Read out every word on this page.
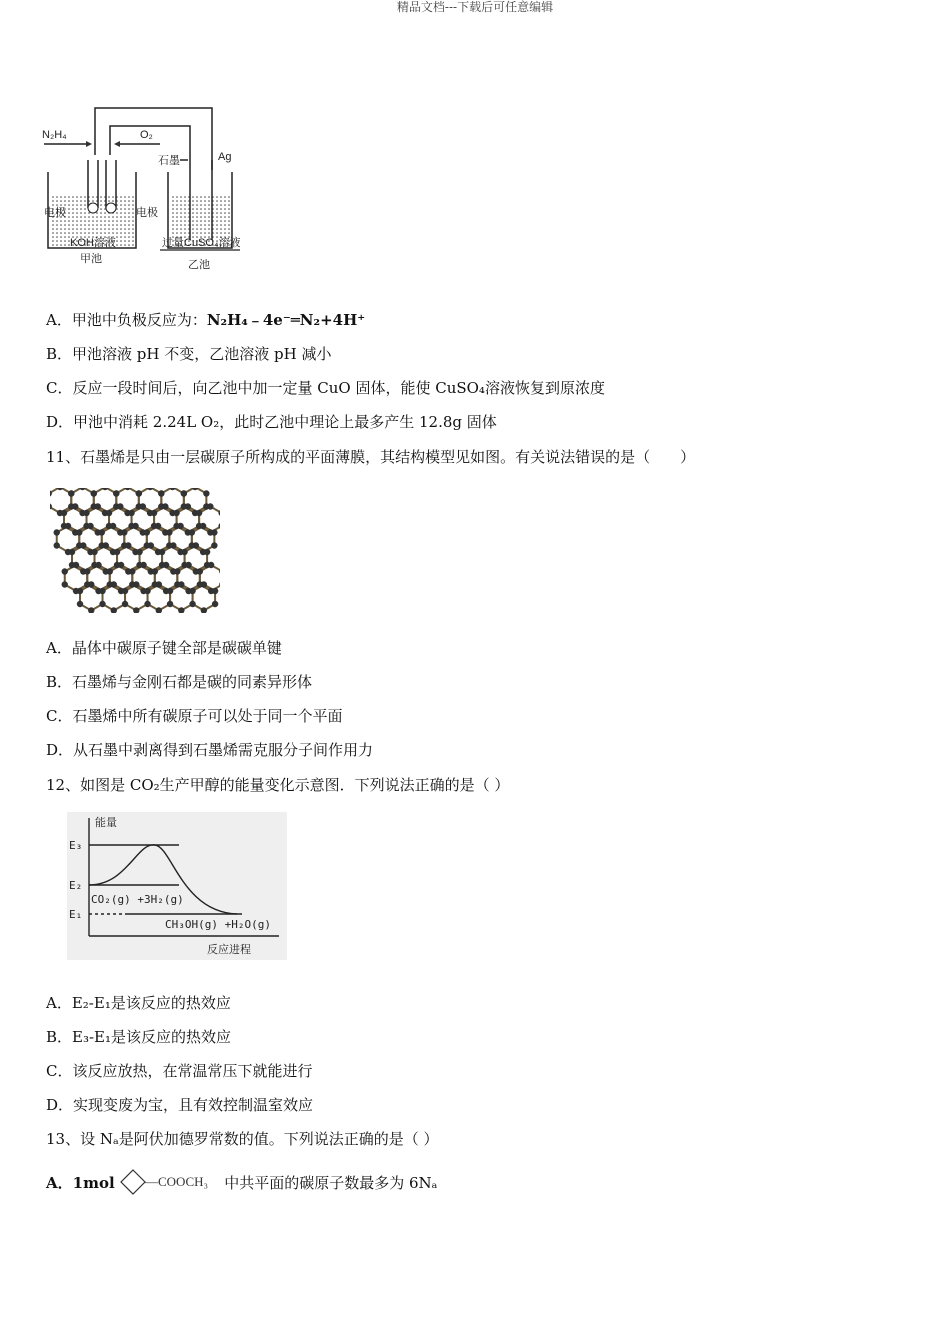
精品文档---下载后可任意编辑
N₂H₄	O₂
石墨	Ag
电极	电极
KOH溶液
甲池
过量CuSO₄溶液
乙池
A．甲池中负极反应为：N₂H₄﹣4e⁻═N₂+4H⁺
B．甲池溶液 pH 不变，乙池溶液 pH 减小
C．反应一段时间后，向乙池中加一定量 CuO 固体，能使 CuSO₄溶液恢复到原浓度
D．甲池中消耗 2.24L O₂，此时乙池中理论上最多产生 12.8g 固体
11、石墨烯是只由一层碳原子所构成的平面薄膜，其结构模型见如图。有关说法错误的是（　　）
A．晶体中碳原子键全部是碳碳单键
B．石墨烯与金刚石都是碳的同素异形体
C．石墨烯中所有碳原子可以处于同一个平面
D．从石墨中剥离得到石墨烯需克服分子间作用力
12、如图是 CO₂生产甲醇的能量变化示意图．下列说法正确的是（ ）
能量
E₃
E₂
E₁
CO₂(g) +3H₂(g)
CH₃OH(g) +H₂O(g)
反应进程
A．E₂-E₁是该反应的热效应
B．E₃-E₁是该反应的热效应
C．该反应放热，在常温常压下就能进行
D．实现变废为宝，且有效控制温室效应
13、设 Nₐ是阿伏加德罗常数的值。下列说法正确的是（ ）
A．1mol —COOCH₃ 中共平面的碳原子数最多为 6Nₐ
